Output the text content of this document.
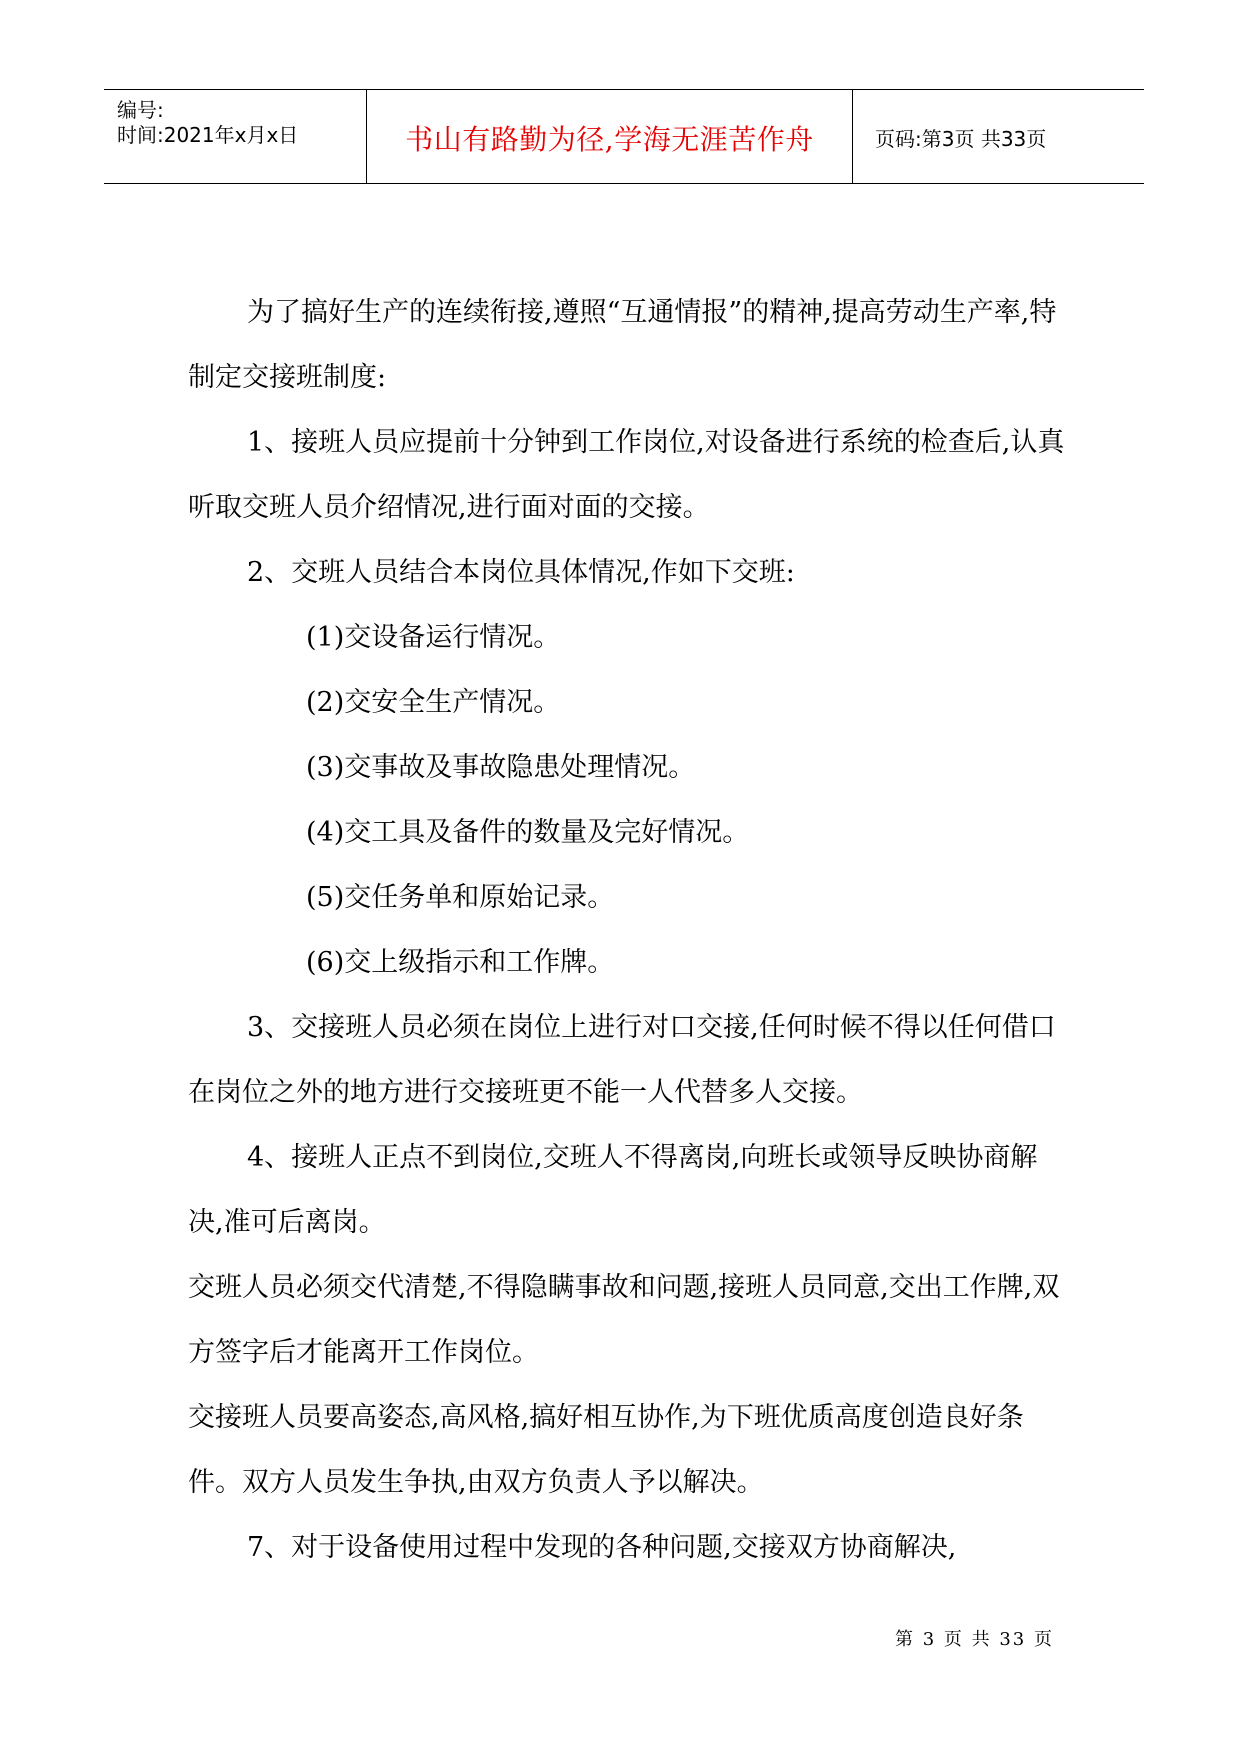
编号:
时间:2021年x月x日	书山有路勤为径,学海无涯苦作舟	页码:第3页 共33页

为了搞好生产的连续衔接,遵照“互通情报”的精神,提高劳动生产率,特制定交接班制度:

1、接班人员应提前十分钟到工作岗位,对设备进行系统的检查后,认真听取交班人员介绍情况,进行面对面的交接。

2、交班人员结合本岗位具体情况,作如下交班:

(1)交设备运行情况。

(2)交安全生产情况。

(3)交事故及事故隐患处理情况。

(4)交工具及备件的数量及完好情况。

(5)交任务单和原始记录。

(6)交上级指示和工作牌。

3、交接班人员必须在岗位上进行对口交接,任何时候不得以任何借口在岗位之外的地方进行交接班更不能一人代替多人交接。

4、接班人正点不到岗位,交班人不得离岗,向班长或领导反映协商解决,准可后离岗。

交班人员必须交代清楚,不得隐瞒事故和问题,接班人员同意,交出工作牌,双方签字后才能离开工作岗位。

交接班人员要高姿态,高风格,搞好相互协作,为下班优质高度创造良好条件。双方人员发生争执,由双方负责人予以解决。

7、对于设备使用过程中发现的各种问题,交接双方协商解决,

第 3 页 共 33 页
